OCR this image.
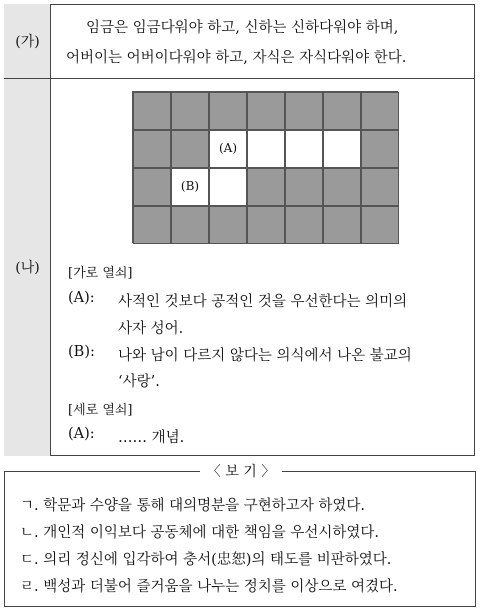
(가)
임금은 임금다워야 하고, 신하는 신하다워야 하며,
어버이는 어버이다워야 하고, 자식은 자식다워야 한다.
(나)
(A)
(B)
[가로 열쇠]
(A): 사적인 것보다 공적인 것을 우선한다는 의미의
사자 성어.
(B): 나와 남이 다르지 않다는 의식에서 나온 불교의
‘사랑’.
[세로 열쇠]
(A): …… 개념.
〈 보 기 〉
ㄱ. 학문과 수양을 통해 대의명분을 구현하고자 하였다.
ㄴ. 개인적 이익보다 공동체에 대한 책임을 우선시하였다.
ㄷ. 의리 정신에 입각하여 충서(忠恕)의 태도를 비판하였다.
ㄹ. 백성과 더불어 즐거움을 나누는 정치를 이상으로 여겼다.
